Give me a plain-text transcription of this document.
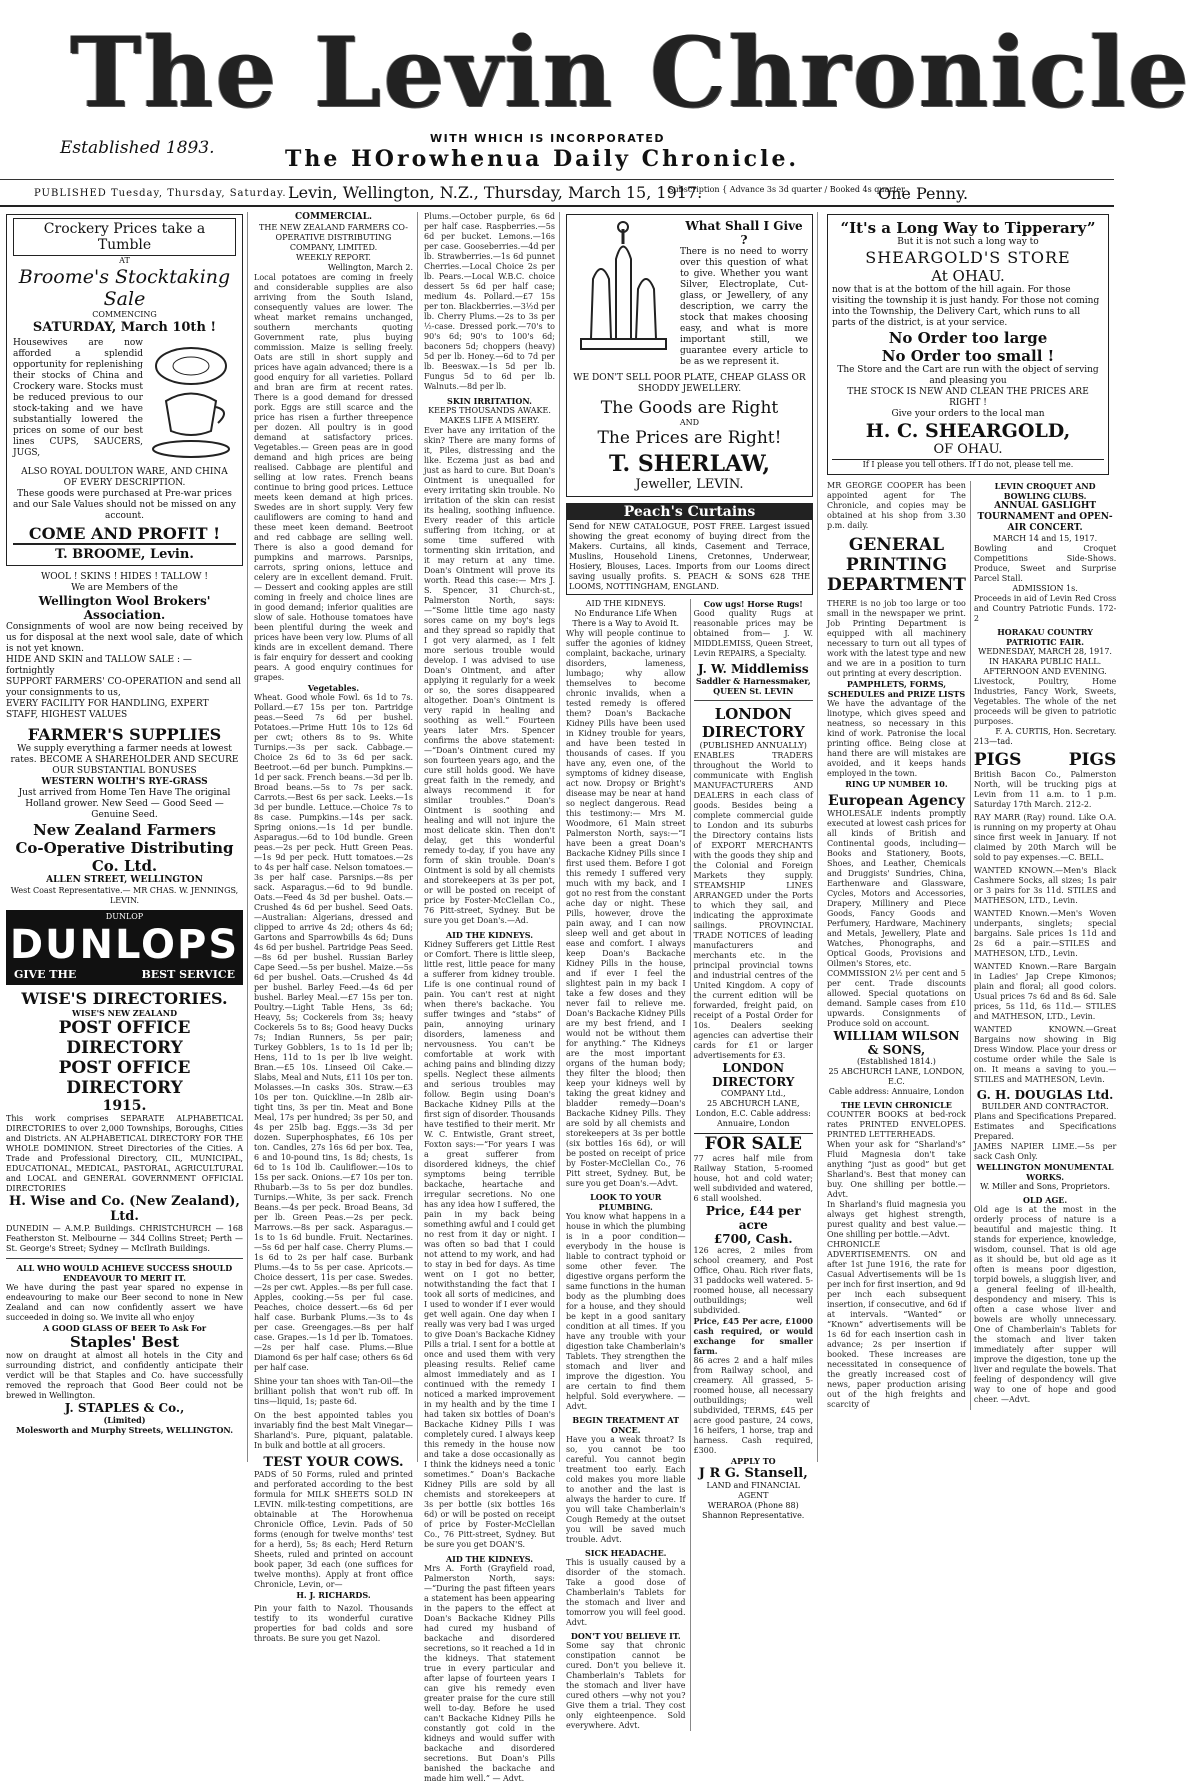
The Levin Chronicle
Established 1893.	WITH WHICH IS INCORPORATED
The HOrowhenua Daily Chronicle.
PUBLISHED Tuesday, Thursday, Saturday. Levin, Wellington, N.Z., Thursday, March 15, 1917.
Subscription { Advance 3s 3d quarter / Booked 4s quarter
One Penny.
Crockery Prices take a Tumble
AT
Broome's Stocktaking Sale
COMMENCING
SATURDAY, March 10th !
Housewives are now afforded a splendid opportunity for replenishing their stocks of China and Crockery ware. Stocks must be reduced previous to our stock-taking and we have substantially lowered the prices on some of our best lines CUPS, SAUCERS, JUGS,
ALSO ROYAL DOULTON WARE, AND CHINA OF EVERY DESCRIPTION.
These goods were purchased at Pre-war prices and our Sale Values should not be missed on any account.
COME AND PROFIT !
T. BROOME, Levin.
WOOL ! SKINS ! HIDES ! TALLOW !
We are Members of the
Wellington Wool Brokers' Association.
Consignments of wool are now being received by us for disposal at the next wool sale, date of which is not yet known.
HIDE AND SKIN and TALLOW SALE : — fortnightly
SUPPORT FARMERS' CO-OPERATION and send all your consignments to us,
EVERY FACILITY FOR HANDLING, EXPERT STAFF, HIGHEST VALUES
FARMER'S SUPPLIES
We supply everything a farmer needs at lowest rates. BECOME A SHAREHOLDER AND SECURE OUR SUBSTANTIAL BONUSES
WESTERN WOLTH'S RYE-GRASS
Just arrived from Home Ten Have The original Holland grower. New Seed — Good Seed — Genuine Seed.
New Zealand Farmers
Co-Operative Distributing Co. Ltd.
ALLEN STREET, WELLINGTON
West Coast Representative.— MR CHAS. W. JENNINGS, LEVIN.
DUNLOP
DUNLOPS
GIVE THE	BEST SERVICE
WISE'S DIRECTORIES.
WISE'S NEW ZEALAND
POST OFFICE DIRECTORY
POST OFFICE DIRECTORY
1915.
This work comprises SEPARATE ALPHABETICAL DIRECTORIES to over 2,000 Townships, Boroughs, Cities and Districts. AN ALPHABETICAL DIRECTORY FOR THE WHOLE DOMINION. Street Directories of the Cities. A Trade and Professional Directory, CIL, MUNICIPAL, EDUCATIONAL, MEDICAL, PASTORAL, AGRICULTURAL and LOCAL and GENERAL GOVERNMENT OFFICIAL DIRECTORIES
H. Wise and Co. (New Zealand), Ltd.
DUNEDIN — A.M.P. Buildings. CHRISTCHURCH — 168 Featherston St. Melbourne — 344 Collins Street; Perth — St. George's Street; Sydney — McIlrath Buildings.
ALL WHO WOULD ACHIEVE SUCCESS SHOULD ENDEAVOUR TO MERIT IT.
We have during the past year spared no expense in endeavouring to make our Beer second to none in New Zealand and can now confidently assert we have succeeded in doing so. We invite all who enjoy
A GOOD GLASS OF BEER To Ask For
Staples' Best
now on draught at almost all hotels in the City and surrounding district, and confidently anticipate their verdict will be that Staples and Co. have successfully removed the reproach that Good Beer could not be brewed in Wellington.
J. STAPLES & Co.,
(Limited)
Molesworth and Murphy Streets, WELLINGTON.
COMMERCIAL.
THE NEW ZEALAND FARMERS CO-OPERATIVE DISTRIBUTING COMPANY, LIMITED.
WEEKLY REPORT.
Wellington, March 2.
Local potatoes are coming in freely and considerable supplies are also arriving from the South Island, consequently values are lower. The wheat market remains unchanged, southern merchants quoting Government rate, plus buying commission. Maize is selling freely. Oats are still in short supply and prices have again advanced; there is a good enquiry for all varieties. Pollard and bran are firm at recent rates. There is a good demand for dressed pork. Eggs are still scarce and the price has risen a further threepence per dozen. All poultry is in good demand at satisfactory prices. Vegetables.— Green peas are in good demand and high prices are being realised. Cabbage are plentiful and selling at low rates. French beans continue to bring good prices. Lettuce meets keen demand at high prices. Swedes are in short supply. Very few cauliflowers are coming to hand and these meet keen demand. Beetroot and red cabbage are selling well. There is also a good demand for pumpkins and marrows. Parsnips, carrots, spring onions, lettuce and celery are in excellent demand. Fruit.— Dessert and cooking apples are still coming in freely and choice lines are in good demand; inferior qualities are slow of sale. Hothouse tomatoes have been plentiful during the week and prices have been very low. Plums of all kinds are in excellent demand. There is fair enquiry for dessert and cooking pears. A good enquiry continues for grapes.
Vegetables.
Wheat. Good whole Fowl. 6s 1d to 7s. Pollard.—£7 15s per ton. Partridge peas.—Seed 7s 6d per bushel. Potatoes.—Prime Hutt 10s to 12s 6d per cwt; others 8s to 9s. White Turnips.—3s per sack. Cabbage.—Choice 2s 6d to 3s 6d per sack. Beetroot.—6d per bunch. Pumpkins.—1d per sack. French beans.—3d per lb. Broad beans.—5s to 7s per sack. Carrots.—Best 6s per sack. Leeks.—1s 3d per bundle. Lettuce.—Choice 7s to 8s case. Pumpkins.—14s per sack. Spring onions.—1s 1d per bundle. Asparagus.—6d to 10d bundle. Green peas.—2s per peck. Hutt Green Peas.—1s 9d per peck. Hutt tomatoes.—2s to 4s per half case. Nelson tomatoes.—3s per half case. Parsnips.—8s per sack. Asparagus.—6d to 9d bundle. Oats.—Feed 4s 3d per bushel. Oats.—Crushed 4s 6d per bushel. Seed Oats.—Australian: Algerians, dressed and clipped to arrive 4s 2d; others 4s 6d; Gartons and Sparrowbills 4s 6d; Duns 4s 6d per bushel. Partridge Peas Seed.—8s 6d per bushel. Russian Barley Cape Seed.—5s per bushel. Maize.—5s 6d per bushel. Oats.—Crushed 4s 4d per bushel. Barley Feed.—4s 6d per bushel. Barley Meal.—£7 15s per ton. Poultry.—Light Table Hens, 3s 6d; Heavy, 5s; Cockerels from 3s; heavy Cockerels 5s to 8s; Good heavy Ducks 7s; Indian Runners, 5s per pair; Turkey Gobblers, 1s to 1s 1d per lb; Hens, 11d to 1s per lb live weight. Bran.—£5 10s. Linseed Oil Cake.—Slabs, Meal and Nuts, £11 10s per ton. Molasses.—In casks 30s. Straw.—£3 10s per ton. Quickline.—In 28lb air-tight tins, 3s per tin. Meat and Bone Meal, 17s per hundred; 3s per 50, and 4s per 25lb bag. Eggs.—3s 3d per dozen. Superphosphates, £6 10s per ton. Candles, 27s 16s 6d per box. Tea, 6 and 10-pound tins, 1s 8d; chests, 1s 6d to 1s 10d lb. Cauliflower.—10s to 15s per sack. Onions.—£7 10s per ton. Rhubarb.—3s to 5s per doz bundles. Turnips.—White, 3s per sack. French Beans.—4s per peck. Broad Beans, 3d per lb. Green Peas.—2s per peck. Marrows.—8s per sack. Asparagus.—1s to 1s 6d bundle. Fruit. Nectarines.—5s 6d per half case. Cherry Plums.—1s 6d to 2s per half case. Burbank Plums.—4s to 5s per case. Apricots.—Choice dessert, 11s per case. Swedes.—2s per cwt. Apples.—8s per full case. Apples, cooking.—5s per ful case. Peaches, choice dessert.—6s 6d per half case. Burbank Plums.—3s to 4s per case. Greengages.—8s per half case. Grapes.—1s 1d per lb. Tomatoes.—2s per half case. Plums.—Blue Diamond 6s per half case; others 6s 6d per half case.
Shine your tan shoes with Tan-Oil—the brilliant polish that won't rub off. In tins—liquid, 1s; paste 6d.
On the best appointed tables you invariably find the best Malt Vinegar—Sharland's. Pure, piquant, palatable. In bulk and bottle at all grocers.
TEST YOUR COWS.
PADS of 50 Forms, ruled and printed and perforated according to the best formula for MILK SHEETS SOLD IN LEVIN. milk-testing competitions, are obtainable at The Horowhenua Chronicle Office, Levin. Pads of 50 forms (enough for twelve months' test for a herd), 5s; 8s each; Herd Return Sheets, ruled and printed on account book paper, 3d each (one suffices for twelve months). Apply at front office Chronicle, Levin, or—
H. J. RICHARDS.
Pin your faith to Nazol. Thousands testify to its wonderful curative properties for bad colds and sore throats. Be sure you get Nazol.
Plums.—October purple, 6s 6d per half case. Raspberries.—5s 6d per bucket. Lemons.—16s per case. Gooseberries.—4d per lb. Strawberries.—1s 6d punnet Cherries.—Local Choice 2s per lb. Pears.—Local W.B.C. choice dessert 5s 6d per half case; medium 4s. Pollard.—£7 15s per ton. Blackberries.—3½d per lb. Cherry Plums.—2s to 3s per ½-case. Dressed pork.—70's to 90's 6d; 90's to 100's 6d; baconers 5d; choppers (heavy) 5d per lb. Honey.—6d to 7d per lb. Beeswax.—1s 5d per lb. Fungus 5d to 6d per lb. Walnuts.—8d per lb.
SKIN IRRITATION.
KEEPS THOUSANDS AWAKE. MAKES LIFE A MISERY.
Ever have any irritation of the skin? There are many forms of it, Piles, distressing and the like. Eczema just as bad and just as hard to cure. But Doan's Ointment is unequalled for every irritating skin trouble. No irritation of the skin can resist its healing, soothing influence. Every reader of this article suffering from itching, or at some time suffered with tormenting skin irritation, and it may return at any time. Doan's Ointment will prove its worth. Read this case:— Mrs J. S. Spencer, 31 Church-st., Palmerston North, says:—“Some little time ago nasty sores came on my boy's legs and they spread so rapidly that I got very alarmed, as I felt more serious trouble would develop. I was advised to use Doan's Ointment, and after applying it regularly for a week or so, the sores disappeared altogether. Doan's Ointment is very rapid in healing and soothing as well.” Fourteen years later Mrs. Spencer confirms the above statement:—“Doan's Ointment cured my son fourteen years ago, and the cure still holds good. We have great faith in the remedy, and always recommend it for similar troubles.” Doan's Ointment is soothing and healing and will not injure the most delicate skin. Then don't delay, get this wonderful remedy to-day, if you have any form of skin trouble. Doan's Ointment is sold by all chemists and storekeepers at 3s per pot, or will be posted on receipt of price by Foster-McClellan Co., 76 Pitt-street, Sydney. But be sure you get Doan's.—Ad.
AID THE KIDNEYS.
Kidney Sufferers get Little Rest or Comfort. There is little sleep, little rest, little peace for many a sufferer from kidney trouble. Life is one continual round of pain. You can't rest at night when there's backache. You suffer twinges and “stabs” of pain, annoying urinary disorders, lameness and nervousness. You can't be comfortable at work with aching pains and blinding dizzy spells. Neglect these ailments and serious troubles may follow. Begin using Doan's Backache Kidney Pills at the first sign of disorder. Thousands have testified to their merit. Mr W. C. Entwistle, Grant street, Foxton says:—“For years I was a great sufferer from disordered kidneys, the chief symptoms being terrible backache, heartache and irregular secretions. No one has any idea how I suffered, the pain in my back being something awful and I could get no rest from it day or night. I was often so bad that I could not attend to my work, and had to stay in bed for days. As time went on I got no better, notwithstanding the fact that I took all sorts of medicines, and I used to wonder if I ever would get well again. One day when I really was very bad I was urged to give Doan's Backache Kidney Pills a trial. I sent for a bottle at once and used them with very pleasing results. Relief came almost immediately and as I continued with the remedy I noticed a marked improvement in my health and by the time I had taken six bottles of Doan's Backache Kidney Pills I was completely cured. I always keep this remedy in the house now and take a dose occasionally as I think the kidneys need a tonic sometimes.” Doan's Backache Kidney Pills are sold by all chemists and storekeepers at 3s per bottle (six bottles 16s 6d) or will be posted on receipt of price by Foster-McClellan Co., 76 Pitt-street, Sydney. But be sure you get DOAN'S.
AID THE KIDNEYS.
Mrs A. Forth (Grayfield road, Palmerston North, says:—“During the past fifteen years a statement has been appearing in the papers to the effect at Doan's Backache Kidney Pills had cured my husband of backache and disordered secretions, so it reached a 1d in the kidneys. That statement true in every particular and after lapse of fourteen years I can give his remedy even greater praise for the cure still well to-day. Before he used can't Backache Kidney Pills he constantly got cold in the kidneys and would suffer with backache and disordered secretions. But Doan's Pills banished the backache and made him well.” — Advt.
What Shall I Give ?
There is no need to worry over this question of what to give. Whether you want Silver, Electroplate, Cut-glass, or Jewellery, of any description, we carry the stock that makes choosing easy, and what is more important still, we guarantee every article to be as we represent it.
WE DON'T SELL POOR PLATE, CHEAP GLASS OR SHODDY JEWELLERY.
The Goods are Right
AND
The Prices are Right!
T. SHERLAW,
Jeweller, LEVIN.
Peach's Curtains
Send for NEW CATALOGUE, POST FREE. Largest issued showing the great economy of buying direct from the Makers. Curtains, all kinds, Casement and Terrace, Muslins, Household Linens, Cretonnes, Underwear, Hosiery, Blouses, Laces. Imports from our Looms direct saving usually profits. S. PEACH & SONS 628 THE LOOMS, NOTTINGHAM, ENGLAND.
AID THE KIDNEYS.
No Endurance Life When There is a Way to Avoid It.
Why will people continue to suffer the agonies of kidney complaint, backache, urinary disorders, lameness, lumbago; why allow themselves to become chronic invalids, when a tested remedy is offered them? Doan's Backache Kidney Pills have been used in Kidney trouble for years, and have been tested in thousands of cases. If you have any, even one, of the symptoms of kidney disease, act now. Dropsy or Bright's disease may be near at hand so neglect dangerous. Read this testimony:— Mrs M. Woodmore, 61 Main street Palmerston North, says:—“I have been a great Doan's Backache Kidney Pills since I first used them. Before I got this remedy I suffered very much with my back, and I got no rest from the constant ache day or night. These Pills, however, drove the pain away, and I can now sleep well and get about in ease and comfort. I always keep Doan's Backache Kidney Pills in the house, and if ever I feel the slightest pain in my back I take a few doses and they never fail to relieve me. Doan's Backache Kidney Pills are my best friend, and I would not be without them for anything.” The Kidneys are the most important organs of the human body; they filter the blood; then keep your kidneys well by taking the great kidney and bladder remedy—Doan's Backache Kidney Pills. They are sold by all chemists and storekeepers at 3s per bottle (six bottles 16s 6d), or will be posted on receipt of price by Foster-McClellan Co., 76 Pitt street, Sydney. But, be sure you get Doan's.—Advt.
LOOK TO YOUR PLUMBING.
You know what happens in a house in which the plumbing is in a poor condition—everybody in the house is liable to contract typhoid or some other fever. The digestive organs perform the same functions in the human body as the plumbing does for a house, and they should be kept in a good sanitary condition at all times. If you have any trouble with your digestion take Chamberlain's Tablets. They strengthen the stomach and liver and improve the digestion. You are certain to find them helpful. Sold everywhere. —Advt.
BEGIN TREATMENT AT ONCE.
Have you a weak throat? Is so, you cannot be too careful. You cannot begin treatment too early. Each cold makes you more liable to another and the last is always the harder to cure. If you will take Chamberlain's Cough Remedy at the outset you will be saved much trouble. Advt.
SICK HEADACHE.
This is usually caused by a disorder of the stomach. Take a good dose of Chamberlain's Tablets for the stomach and liver and tomorrow you will feel good. Advt.
DON'T YOU BELIEVE IT.
Some say that chronic constipation cannot be cured. Don't you believe it. Chamberlain's Tablets for the stomach and liver have cured others —why not you? Give them a trial. They cost only eighteenpence. Sold everywhere. Advt.
Cow ugs! Horse Rugs!
Good quality Rugs at reasonable prices may be obtained from— J. W. MIDDLEMISS, Queen Street, Levin REPAIRS, a Specialty.
J. W. Middlemiss
Saddler & Harnessmaker,
QUEEN St. LEVIN
LONDON
DIRECTORY
(PUBLISHED ANNUALLY)
ENABLES TRADERS throughout the World to communicate with English MANUFACTURERS AND DEALERS in each class of goods. Besides being a complete commercial guide to London and its suburbs the Directory contains lists of EXPORT MERCHANTS with the goods they ship and the Colonial and Foreign Markets they supply. STEAMSHIP LINES ARRANGED under the Ports to which they sail, and indicating the approximate sailings. PROVINCIAL TRADE NOTICES of leading manufacturers and merchants etc. in the principal provincial towns and industrial centres of the United Kingdom. A copy of the current edition will be forwarded, freight paid, on receipt of a Postal Order for 10s. Dealers seeking agencies can advertise their cards for £1 or larger advertisements for £3.
LONDON DIRECTORY
COMPANY Ltd.,
25 ABCHURCH LANE, London, E.C. Cable address: Annuaire, London
FOR SALE
77 acres half mile from Railway Station, 5-roomed house, hot and cold water; well subdivided and watered, 6 stall woolshed.
Price, £44 per acre
£700, Cash.
126 acres, 2 miles from school creamery, and Post Office, Ohau. Rich river flats, 31 paddocks well watered. 5-roomed house, all necessary outbuildings; well subdivided.
Price, £45 Per acre, £1000 cash required, or would exchange for smaller farm.
86 acres 2 and a half miles from Railway school, and creamery. All grassed, 5-roomed house, all necessary outbuildings; well subdivided, TERMS, £45 per acre good pasture, 24 cows, 16 heifers, 1 horse, trap and harness. Cash required, £300.
APPLY TO
J R G. Stansell,
LAND and FINANCIAL AGENT
WERAROA (Phone 88) Shannon Representative.
“It's a Long Way to Tipperary”
But it is not such a long way to
SHEARGOLD'S STORE
At OHAU.
now that is at the bottom of the hill again. For those visiting the township it is just handy. For those not coming into the Township, the Delivery Cart, which runs to all parts of the district, is at your service.
No Order too large
No Order too small !
The Store and the Cart are run with the object of serving and pleasing you
THE STOCK IS NEW AND CLEAN THE PRICES ARE RIGHT !
Give your orders to the local man
H. C. SHEARGOLD,
OF OHAU.
If I please you tell others. If I do not, please tell me.
MR GEORGE COOPER has been appointed agent for The Chronicle, and copies may be obtained at his shop from 3.30 p.m. daily.
GENERAL PRINTING DEPARTMENT
THERE is no job too large or too small in the newspaper we print. Job Printing Department is equipped with all machinery necessary to turn out all types of work with the latest type and new and we are in a position to turn out printing at every description.
PAMPHLETS, FORMS, SCHEDULES and PRIZE LISTS
We have the advantage of the linotype, which gives speed and neatness, so necessary in this kind of work. Patronise the local printing office. Being close at hand there are will mistakes are avoided, and it keeps hands employed in the town.
RING UP NUMBER 10.
European Agency
WHOLESALE indents promptly executed at lowest cash prices for all kinds of British and Continental goods, including— Books and Stationery, Boots, Shoes, and Leather, Chemicals and Druggists' Sundries, China, Earthenware and Glassware, Cycles, Motors and Accessories, Drapery, Millinery and Piece Goods, Fancy Goods and Perfumery, Hardware, Machinery and Metals, Jewellery, Plate and Watches, Phonographs, and Optical Goods, Provisions and Oilmen's Stores, etc.
COMMISSION 2½ per cent and 5 per cent. Trade discounts allowed. Special quotations on demand. Sample cases from £10 upwards. Consignments of Produce sold on account.
WILLIAM WILSON & SONS,
(Established 1814.)
25 ABCHURCH LANE, LONDON, E.C.
Cable address: Annuaire, London
THE LEVIN CHRONICLE
COUNTER BOOKS at bed-rock rates PRINTED ENVELOPES. PRINTED LETTERHEADS.
When your ask for “Sharland's” Fluid Magnesia don't take anything “just as good” but get Sharland's. Best that money can buy. One shilling per bottle.—Advt.
In Sharland's fluid magnesia you always get highest strength, purest quality and best value.—One shilling per bottle.—Advt.
CHRONICLE ADVERTISEMENTS. ON and after 1st June 1916, the rate for Casual Advertisements will be 1s per inch for first insertion, and 9d per inch each subsequent insertion, if consecutive, and 6d if at intervals. “Wanted” or “Known” advertisements will be 1s 6d for each insertion cash in advance; 2s per insertion if booked. These increases are necessitated in consequence of the greatly increased cost of news, paper production arising out of the high freights and scarcity of
LEVIN CROQUET AND BOWLING CLUBS.
ANNUAL GASLIGHT TOURNAMENT and OPEN-AIR CONCERT.
MARCH 14 and 15, 1917.
Bowling and Croquet Competitions Side-Shows. Produce, Sweet and Surprise Parcel Stall.
ADMISSION 1s.
Proceeds in aid of Levin Red Cross and Country Patriotic Funds. 172-2
HORAKAU COUNTRY PATRIOTIC FAIR.
WEDNESDAY, MARCH 28, 1917.
IN HAKARA PUBLIC HALL.
AFTERNOON AND EVENING.
Livestock, Poultry, Home Industries, Fancy Work, Sweets, Vegetables. The whole of the net proceeds will be given to patriotic purposes.
F. A. CURTIS, Hon. Secretary.
213—tad.
PIGS        PIGS
British Bacon Co., Palmerston North, will be trucking pigs at Levin from 11 a.m. to 1 p.m. Saturday 17th March. 212-2.
RAY MARR (Ray) round. Like O.A. is running on my property at Ohau since first week in January. If not claimed by 20th March will be sold to pay expenses.—C. BELL.
WANTED KNOWN.—Men's Black Cashmere Socks, all sizes; 1s pair or 3 pairs for 3s 11d. STILES and MATHESON, LTD., Levin.
WANTED Known.—Men's Woven underpants, singlets; special bargains. Sale prices 1s 11d and 2s 6d a pair.—STILES and MATHESON, LTD., Levin.
WANTED Known.—Rare Bargain in Ladies' Jap Crepe Kimonos; plain and floral; all good colors. Usual prices 7s 6d and 8s 6d. Sale prices, 5s 11d, 6s 11d.— STILES and MATHESON, LTD., Levin.
WANTED KNOWN.—Great Bargains now showing in Big Dress Window. Place your dress or costume order while the Sale is on. It means a saving to you.—STILES and MATHESON, Levin.
G. H. DOUGLAS Ltd.
BUILDER AND CONTRACTOR.
Plans and Specifications Prepared. Estimates and Specifications Prepared.
JAMES NAPIER LIME.—5s per sack Cash Only.
WELLINGTON MONUMENTAL WORKS.
W. Miller and Sons, Proprietors.
OLD AGE.
Old age is at the most in the orderly process of nature is a beautiful and majestic thing. It stands for experience, knowledge, wisdom, counsel. That is old age as it should be, but old age as it often is means poor digestion, torpid bowels, a sluggish liver, and a general feeling of ill-health, despondency and misery. This is often a case whose liver and bowels are wholly unnecessary. One of Chamberlain's Tablets for the stomach and liver taken immediately after supper will improve the digestion, tone up the liver and regulate the bowels. That feeling of despondency will give way to one of hope and good cheer. —Advt.
